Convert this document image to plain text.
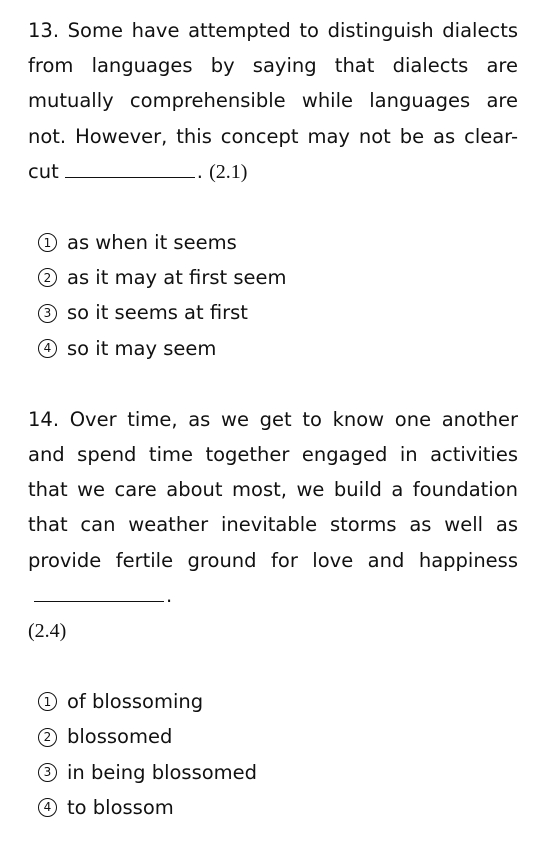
13. Some have attempted to distinguish dialects from languages by saying that dialects are mutually comprehensible while languages are not. However, this concept may not be as clear-cut	. (2.1)

1 as when it seems
2 as it may at first seem
3 so it seems at first
4 so it may seem

14. Over time, as we get to know one another and spend time together engaged in activities that we care about most, we build a foundation that can weather inevitable storms as well as provide fertile ground for love and happiness.
(2.4)

1 of blossoming
2 blossomed
3 in being blossomed
4 to blossom
